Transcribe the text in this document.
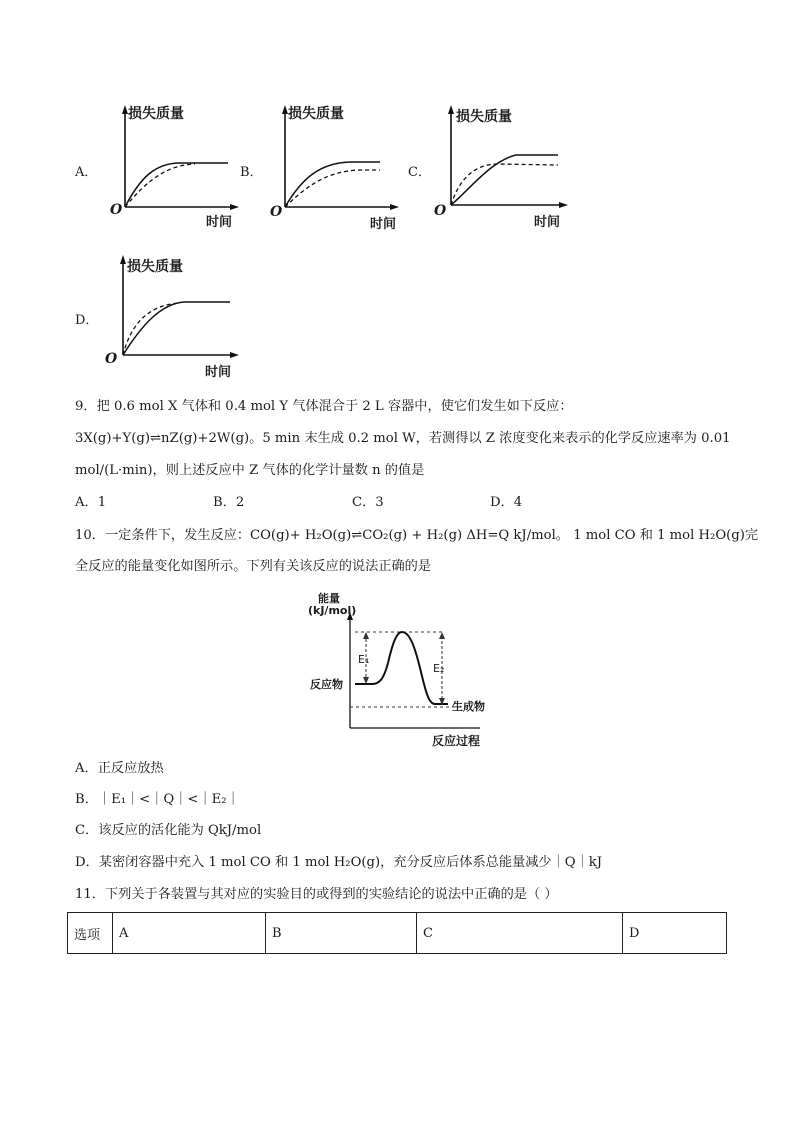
A．
损失质量
时间
O
B．
损失质量
时间
O
C．
损失质量
时间
O
D．
损失质量
时间
O
9．把 0.6 mol X 气体和 0.4 mol Y 气体混合于 2 L 容器中，使它们发生如下反应：
3X(g)+Y(g)⇌nZ(g)+2W(g)。5 min 末生成 0.2 mol W，若测得以 Z 浓度变化来表示的化学反应速率为 0.01
mol/(L·min)，则上述反应中 Z 气体的化学计量数 n 的值是
A．1	B．2	C．3	D．4
10．一定条件下，发生反应：CO(g)+ H₂O(g)⇌CO₂(g) + H₂(g) ΔH=Q kJ/mol。 1 mol CO 和 1 mol H₂O(g)完
全反应的能量变化如图所示。下列有关该反应的说法正确的是
能量
(kJ/mol)
E₁
E₂
反应物
生成物
反应过程
A．正反应放热
B．｜E₁｜<｜Q｜<｜E₂｜
C．该反应的活化能为 QkJ/mol
D．某密闭容器中充入 1 mol CO 和 1 mol H₂O(g)，充分反应后体系总能量减少｜Q｜kJ
11．下列关于各装置与其对应的实验目的或得到的实验结论的说法中正确的是（ ）
选项	A	B	C	D
